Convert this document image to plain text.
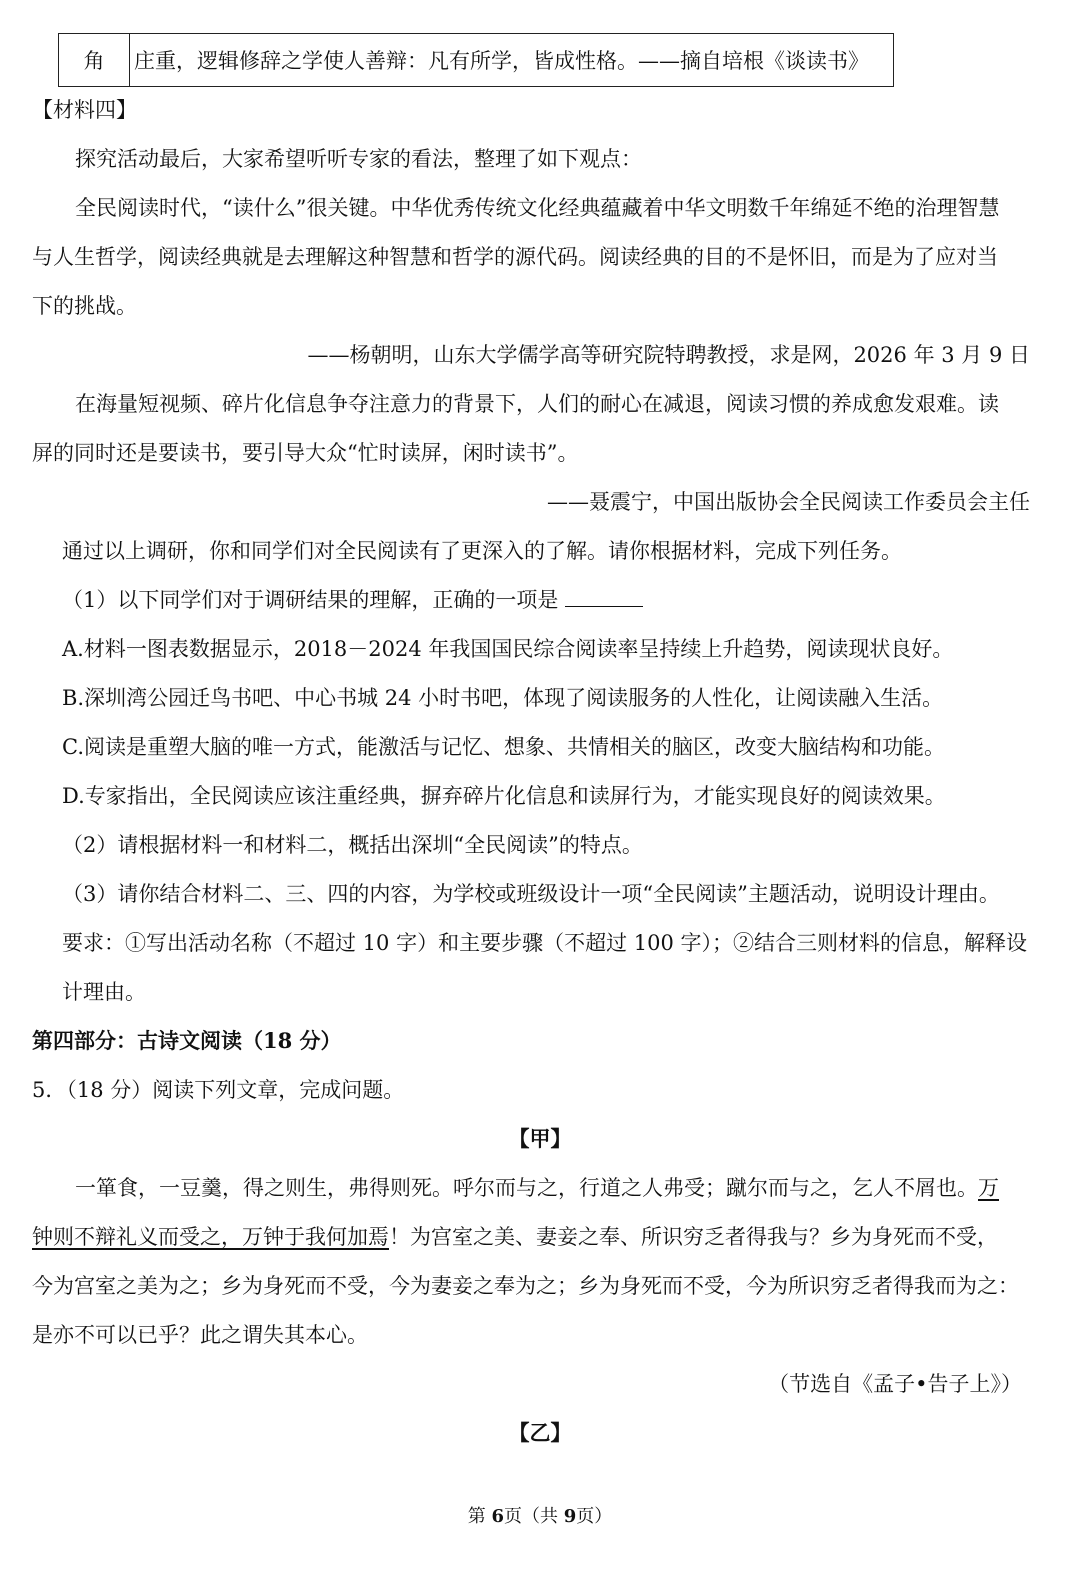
角	庄重，逻辑修辞之学使人善辩：凡有所学，皆成性格。——摘自培根《谈读书》
【材料四】
探究活动最后，大家希望听听专家的看法，整理了如下观点：
全民阅读时代，“读什么”很关键。中华优秀传统文化经典蕴藏着中华文明数千年绵延不绝的治理智慧
与人生哲学，阅读经典就是去理解这种智慧和哲学的源代码。阅读经典的目的不是怀旧，而是为了应对当
下的挑战。
——杨朝明，山东大学儒学高等研究院特聘教授，求是网，2026 年 3 月 9 日
在海量短视频、碎片化信息争夺注意力的背景下，人们的耐心在减退，阅读习惯的养成愈发艰难。读
屏的同时还是要读书，要引导大众“忙时读屏，闲时读书”。
——聂震宁，中国出版协会全民阅读工作委员会主任
通过以上调研，你和同学们对全民阅读有了更深入的了解。请你根据材料，完成下列任务。
（1）以下同学们对于调研结果的理解，正确的一项是
A.材料一图表数据显示，2018－2024 年我国国民综合阅读率呈持续上升趋势，阅读现状良好。
B.深圳湾公园迁鸟书吧、中心书城 24 小时书吧，体现了阅读服务的人性化，让阅读融入生活。
C.阅读是重塑大脑的唯一方式，能激活与记忆、想象、共情相关的脑区，改变大脑结构和功能。
D.专家指出，全民阅读应该注重经典，摒弃碎片化信息和读屏行为，才能实现良好的阅读效果。
（2）请根据材料一和材料二，概括出深圳“全民阅读”的特点。
（3）请你结合材料二、三、四的内容，为学校或班级设计一项“全民阅读”主题活动，说明设计理由。
要求：①写出活动名称（不超过 10 字）和主要步骤（不超过 100 字）；②结合三则材料的信息，解释设
计理由。
第四部分：古诗文阅读（18 分）
5．（18 分）阅读下列文章，完成问题。
【甲】
一箪食，一豆羹，得之则生，弗得则死。呼尔而与之，行道之人弗受；蹴尔而与之，乞人不屑也。万
钟则不辩礼义而受之，万钟于我何加焉！为宫室之美、妻妾之奉、所识穷乏者得我与？乡为身死而不受，
今为宫室之美为之；乡为身死而不受，今为妻妾之奉为之；乡为身死而不受，今为所识穷乏者得我而为之：
是亦不可以已乎？此之谓失其本心。
（节选自《孟子•告子上》）
【乙】
第 6页（共 9页）
